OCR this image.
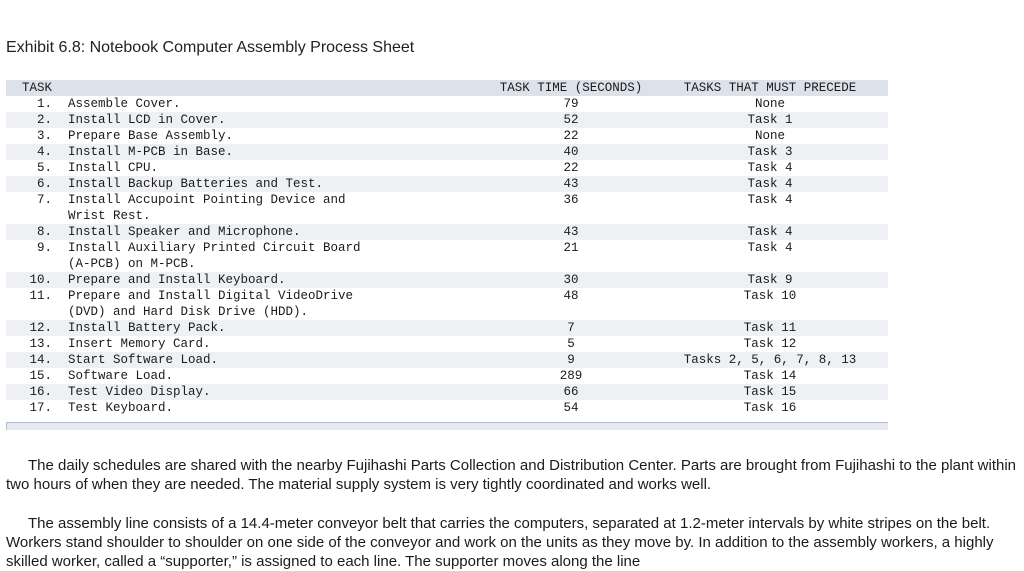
Exhibit 6.8: Notebook Computer Assembly Process Sheet
TASK		TASK TIME (SECONDS)	TASKS THAT MUST PRECEDE
1.	Assemble Cover.	79	None
2.	Install LCD in Cover.	52	Task 1
3.	Prepare Base Assembly.	22	None
4.	Install M-PCB in Base.	40	Task 3
5.	Install CPU.	22	Task 4
6.	Install Backup Batteries and Test.	43	Task 4
7.	Install Accupoint Pointing Device and
Wrist Rest.	36	Task 4
8.	Install Speaker and Microphone.	43	Task 4
9.	Install Auxiliary Printed Circuit Board
(A-PCB) on M-PCB.	21	Task 4
10.	Prepare and Install Keyboard.	30	Task 9
11.	Prepare and Install Digital VideoDrive
(DVD) and Hard Disk Drive (HDD).	48	Task 10
12.	Install Battery Pack.	7	Task 11
13.	Insert Memory Card.	5	Task 12
14.	Start Software Load.	9	Tasks 2, 5, 6, 7, 8, 13
15.	Software Load.	289	Task 14
16.	Test Video Display.	66	Task 15
17.	Test Keyboard.	54	Task 16

The daily schedules are shared with the nearby Fujihashi Parts Collection and Distribution Center. Parts are brought from Fujihashi to the plant within two hours of when they are needed. The material supply system is very tightly coordinated and works well.

The assembly line consists of a 14.4-meter conveyor belt that carries the computers, separated at 1.2-meter intervals by white stripes on the belt. Workers stand shoulder to shoulder on one side of the conveyor and work on the units as they move by. In addition to the assembly workers, a highly skilled worker, called a “supporter,” is assigned to each line. The supporter moves along the line
